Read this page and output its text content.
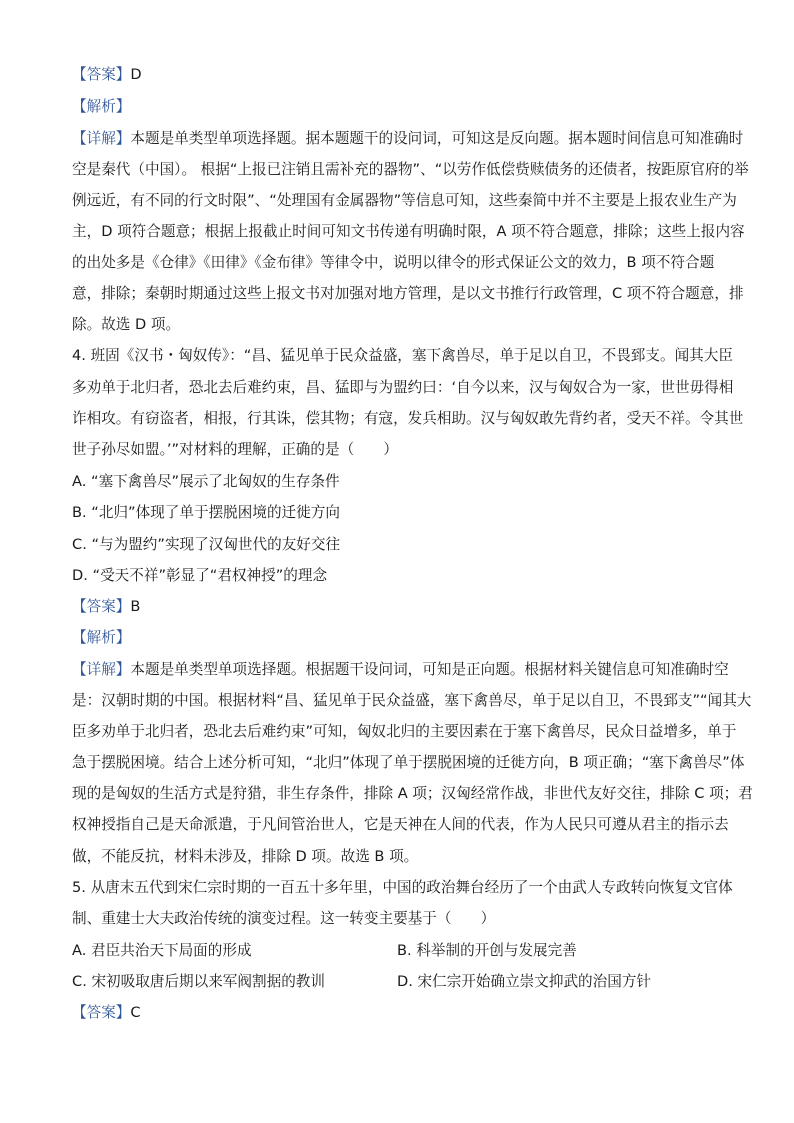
【答案】D
【解析】
【详解】本题是单类型单项选择题。据本题题干的设问词，可知这是反向题。据本题时间信息可知准确时
空是秦代（中国）。 根据“上报已注销且需补充的器物”、“以劳作低偿赀赎债务的还债者，按距原官府的举
例远近，有不同的行文时限”、“处理国有金属器物”等信息可知，这些秦简中并不主要是上报农业生产为
主，D 项符合题意；根据上报截止时间可知文书传递有明确时限，A 项不符合题意，排除；这些上报内容
的出处多是《仓律》《田律》《金布律》等律令中，说明以律令的形式保证公文的效力，B 项不符合题
意，排除；秦朝时期通过这些上报文书对加强对地方管理，是以文书推行行政管理，C 项不符合题意，排
除。故选 D 项。
4. 班固《汉书・匈奴传》：“昌、猛见单于民众益盛，塞下禽兽尽，单于足以自卫，不畏郅支。闻其大臣
多劝单于北归者，恐北去后难约束，昌、猛即与为盟约曰：‘自今以来，汉与匈奴合为一家，世世毋得相
诈相攻。有窃盗者，相报，行其诛，偿其物；有寇，发兵相助。汉与匈奴敢先背约者，受天不祥。令其世
世子孙尽如盟。’”对材料的理解，正确的是（　　）
A. “塞下禽兽尽”展示了北匈奴的生存条件
B. “北归”体现了单于摆脱困境的迁徙方向
C. “与为盟约”实现了汉匈世代的友好交往
D. “受天不祥”彰显了“君权神授”的理念
【答案】B
【解析】
【详解】本题是单类型单项选择题。根据题干设问词，可知是正向题。根据材料关键信息可知准确时空
是：汉朝时期的中国。根据材料“昌、猛见单于民众益盛，塞下禽兽尽，单于足以自卫，不畏郅支”“闻其大
臣多劝单于北归者，恐北去后难约束”可知，匈奴北归的主要因素在于塞下禽兽尽，民众日益增多，单于
急于摆脱困境。结合上述分析可知，“北归”体现了单于摆脱困境的迁徙方向，B 项正确；“塞下禽兽尽”体
现的是匈奴的生活方式是狩猎，非生存条件，排除 A 项；汉匈经常作战，非世代友好交往，排除 C 项；君
权神授指自己是天命派遣，于凡间管治世人，它是天神在人间的代表，作为人民只可遵从君主的指示去
做，不能反抗，材料未涉及，排除 D 项。故选 B 项。
5. 从唐末五代到宋仁宗时期的一百五十多年里，中国的政治舞台经历了一个由武人专政转向恢复文官体
制、重建士大夫政治传统的演变过程。这一转变主要基于（　　）
A. 君臣共治天下局面的形成	B. 科举制的开创与发展完善
C. 宋初吸取唐后期以来军阀割据的教训	D. 宋仁宗开始确立崇文抑武的治国方针
【答案】C
